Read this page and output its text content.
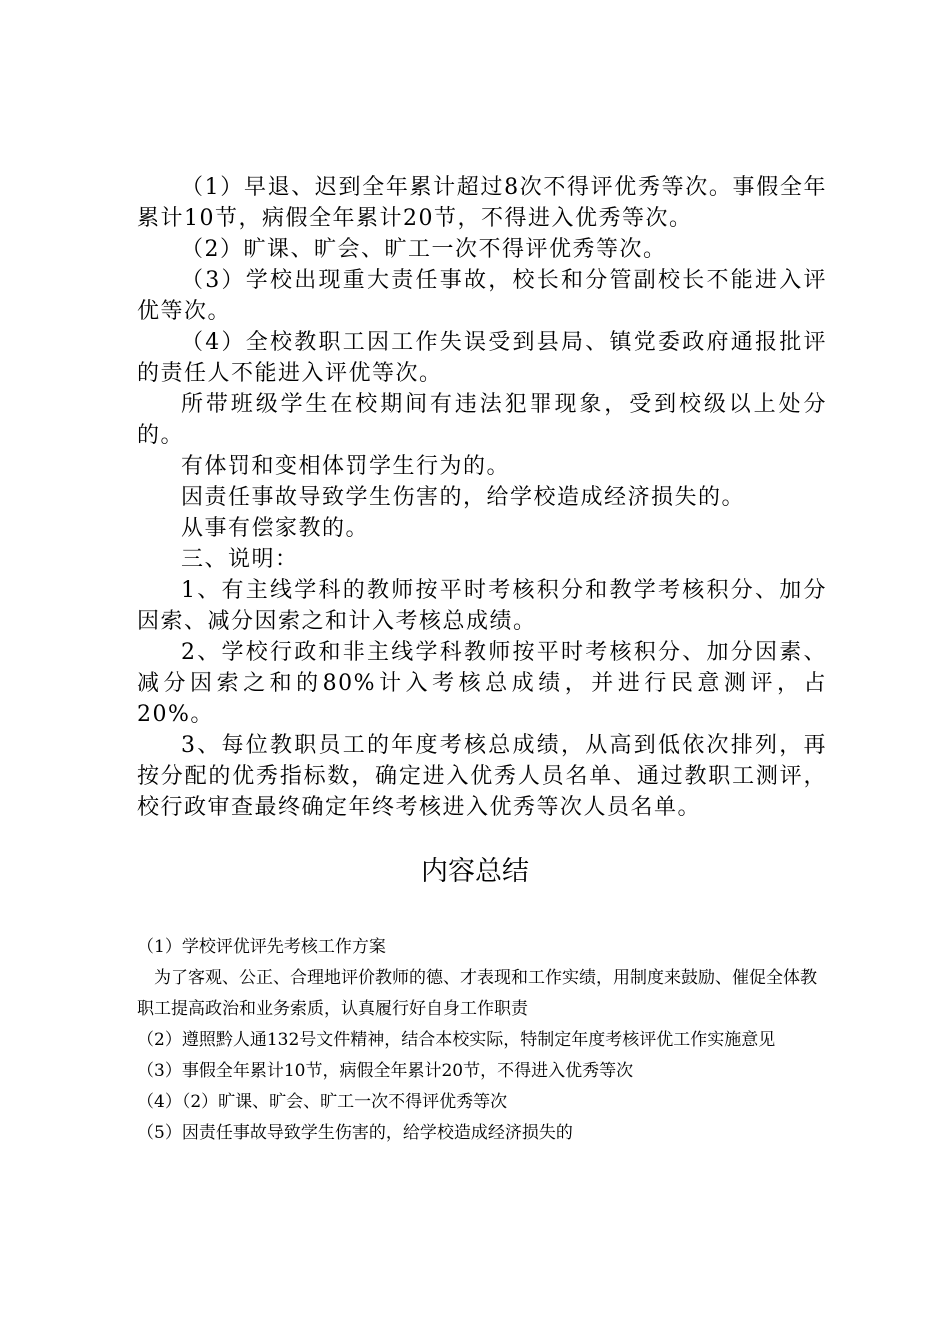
（1）早退、迟到全年累计超过8次不得评优秀等次。事假全年累计10节，病假全年累计20节，不得进入优秀等次。

（2）旷课、旷会、旷工一次不得评优秀等次。

（3）学校出现重大责任事故，校长和分管副校长不能进入评优等次。

（4）全校教职工因工作失误受到县局、镇党委政府通报批评的责任人不能进入评优等次。

所带班级学生在校期间有违法犯罪现象，受到校级以上处分的。

有体罚和变相体罚学生行为的。

因责任事故导致学生伤害的，给学校造成经济损失的。

从事有偿家教的。

三、说明：

1、有主线学科的教师按平时考核积分和教学考核积分、加分因索、减分因索之和计入考核总成绩。

2、学校行政和非主线学科教师按平时考核积分、加分因素、减分因索之和的80%计入考核总成绩，并进行民意测评，占20%。

3、每位教职员工的年度考核总成绩，从高到低依次排列，再按分配的优秀指标数，确定进入优秀人员名单、通过教职工测评，校行政审查最终确定年终考核进入优秀等次人员名单。

内容总结

（1）学校评优评先考核工作方案

为了客观、公正、合理地评价教师的德、才表现和工作实绩，用制度来鼓励、催促全体教职工提高政治和业务索质，认真履行好自身工作职责

（2）遵照黔人通132号文件精神，结合本校实际，特制定年度考核评优工作实施意见

（3）事假全年累计10节，病假全年累计20节，不得进入优秀等次

（4）（2）旷课、旷会、旷工一次不得评优秀等次

（5）因责任事故导致学生伤害的，给学校造成经济损失的
